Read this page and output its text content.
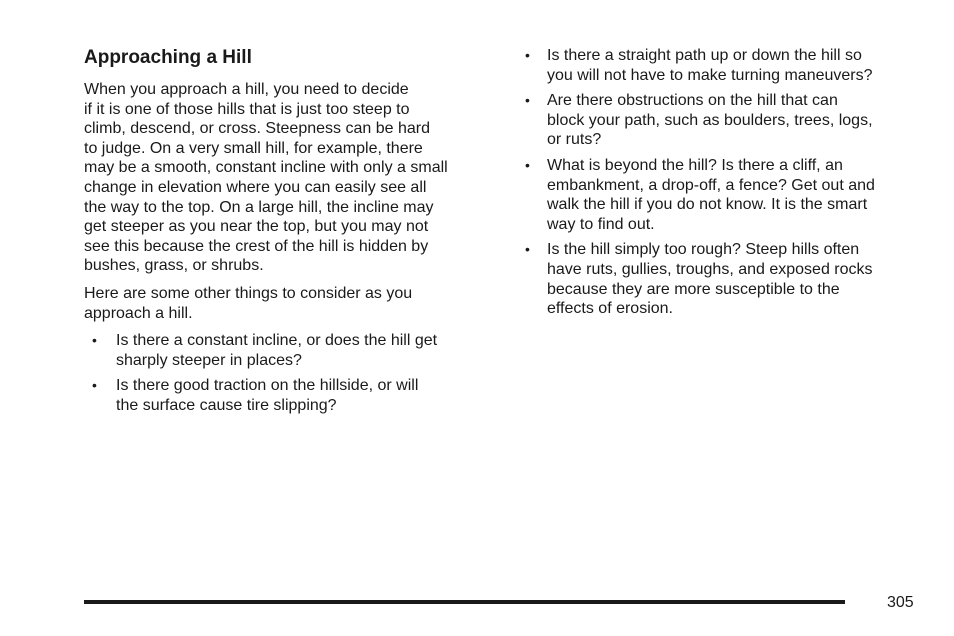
Approaching a Hill

When you approach a hill, you need to decide
if it is one of those hills that is just too steep to
climb, descend, or cross. Steepness can be hard
to judge. On a very small hill, for example, there
may be a smooth, constant incline with only a small
change in elevation where you can easily see all
the way to the top. On a large hill, the incline may
get steeper as you near the top, but you may not
see this because the crest of the hill is hidden by
bushes, grass, or shrubs.

Here are some other things to consider as you
approach a hill.

• Is there a constant incline, or does the hill get
sharply steeper in places?
• Is there good traction on the hillside, or will
the surface cause tire slipping?
• Is there a straight path up or down the hill so
you will not have to make turning maneuvers?
• Are there obstructions on the hill that can
block your path, such as boulders, trees, logs,
or ruts?
• What is beyond the hill? Is there a cliff, an
embankment, a drop-off, a fence? Get out and
walk the hill if you do not know. It is the smart
way to find out.
• Is the hill simply too rough? Steep hills often
have ruts, gullies, troughs, and exposed rocks
because they are more susceptible to the
effects of erosion.
305
